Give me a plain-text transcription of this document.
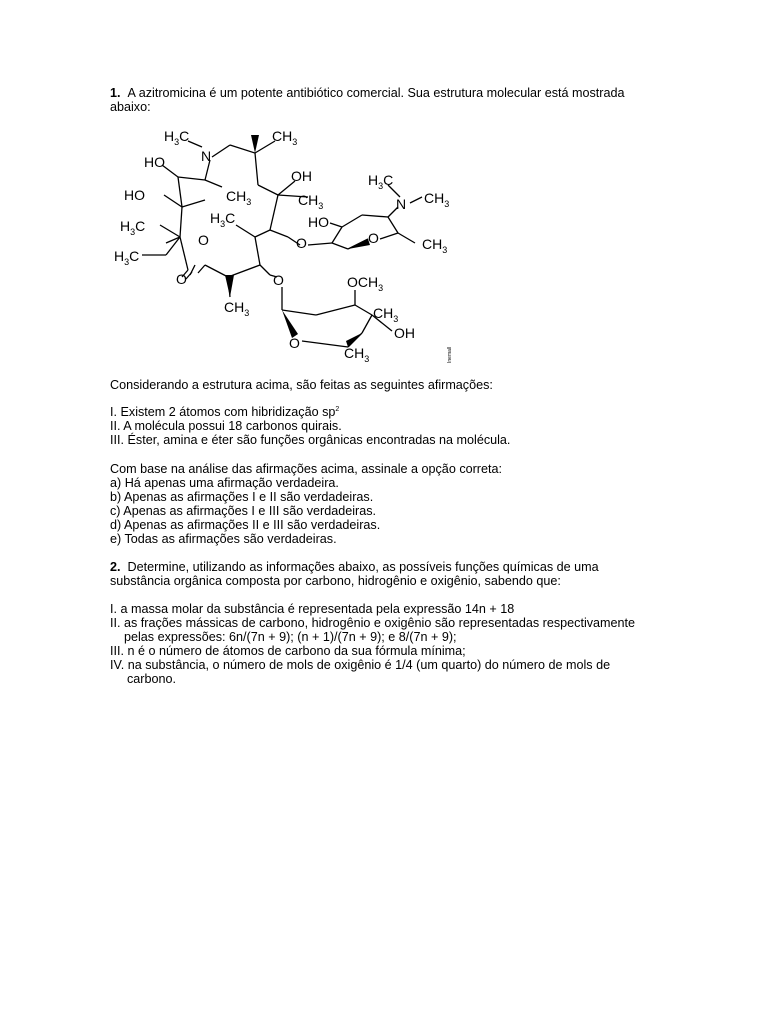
1. A azitromicina é um potente antibiótico comercial. Sua estrutura molecular está mostrada

abaixo:

$H_3C$
N
$CH_3$
HO
OH
$CH_3$
HO	$CH_3$
$H_3C$
N $CH_3$
$H_3C$	$H_3C$	HO
O	$CH_3$
O
$H_3C$
O
O
$CH_3$
O	$OCH_3$
$CH_3$
OH
O
$CH_3$	Inemall

Considerando a estrutura acima, são feitas as seguintes afirmações:

I. Existem 2 átomos com hibridização $sp^2$

II. A molécula possui 18 carbonos quirais.

III. Éster, amina e éter são funções orgânicas encontradas na molécula.

Com base na análise das afirmações acima, assinale a opção correta:

a) Há apenas uma afirmação verdadeira.

b) Apenas as afirmações I e II são verdadeiras.

c) Apenas as afirmações I e III são verdadeiras.

d) Apenas as afirmações II e III são verdadeiras.

e) Todas as afirmações são verdadeiras.

2. Determine, utilizando as informações abaixo, as possíveis funções químicas de uma

substância orgânica composta por carbono, hidrogênio e oxigênio, sabendo que:

I. a massa molar da substância é representada pela expressão 14n + 18

II. as frações mássicas de carbono, hidrogênio e oxigênio são representadas respectivamente

pelas expressões: 6n/(7n + 9); (n + 1)/(7n + 9); e 8/(7n + 9);

III. n é o número de átomos de carbono da sua fórmula mínima;

IV. na substância, o número de mols de oxigênio é 1/4 (um quarto) do número de mols de

carbono.
